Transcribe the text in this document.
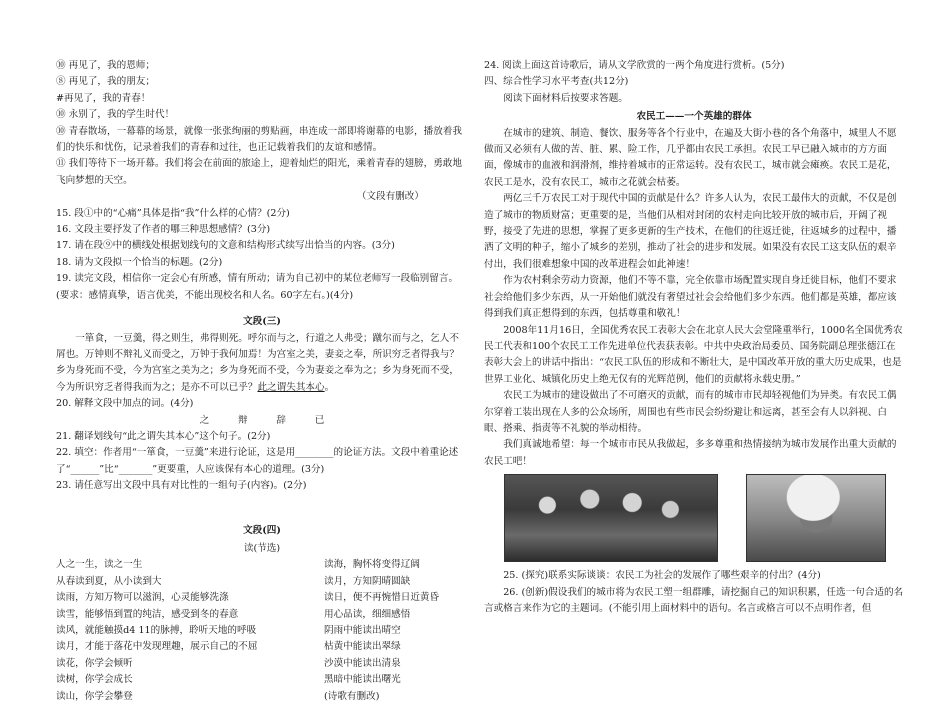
⑩ 再见了，我的恩师；
⑧ 再见了，我的朋友；
#再见了，我的青春！
⑩ 永别了，我的学生时代！
⑩ 青春散场，一幕幕的场景，就像一张张绚丽的剪贴画，串连成一部即将谢幕的电影，播放着我们的快乐和忧伤，记录着我们的青春和过往，也正记载着我们的友谊和感情。
⑪ 我们等待下一场开幕。我们将会在前面的旅途上，迎着灿烂的阳光，乘着青春的翅膀，勇敢地飞向梦想的天空。
（文段有删改）
15. 段①中的“心痛”具体是指“我”什么样的心情？(2分)
16. 文段主要抒发了作者的哪三种思想感情？(3分)
17. 请在段⑨中的横线处根据划线句的文意和结构形式续写出恰当的内容。(3分)
18. 请为文段拟一个恰当的标题。(2分)
19. 读完文段，相信你一定会心有所感，情有所动；请为自己初中的某位老师写一段临别留言。(要求：感情真挚，语言优美，不能出现校名和人名。60字左右。)(4分)
文段(三)
一箪食，一豆羹，得之则生，弗得则死。呼尔而与之，行道之人弗受；蹴尔而与之，乞人不屑也。万钟则不辩礼义而受之，万钟于我何加焉！为宫室之美，妻妾之奉，所识穷乏者得我与？乡为身死而不受，今为宫室之美为之；乡为身死而不受，今为妻妾之奉为之；乡为身死而不受，今为所识穷乏者得我而为之；是亦不可以已乎？此之谓失其本心。
20. 解释文段中加点的词。(4分)
之　　　辩　　　辞　　　已
21. 翻译划线句“此之谓失其本心”这个句子。(2分)
22. 填空：作者用“一箪食，一豆羹”来进行论证，这是用________的论证方法。文段中着重论述了“______”比“_______”更要重，人应该保有本心的道理。(3分)
23. 请任意写出文段中具有对比性的一组句子(内容)。(2分)
文段(四)
读(节选)
人之一生，读之一生
从春读到夏，从小读到大
读雨，方知万物可以滋润，心灵能够洗涤
读雪，能够悟到置的纯洁，感受到冬的春意
读风，就能触摸d4 11的脉搏，聆听天地的呼吸
读月，才能于落花中发现理趣，展示自己的不屈
读花，你学会倾听
读树，你学会成长
读山，你学会攀登
读海，胸怀将变得辽阔
读月，方知阴晴圆缺
读日，便不再惋惜日近黄昏
用心品读，细细感悟
阴雨中能读出晴空
枯黄中能读出翠绿
沙漠中能读出清泉
黑暗中能读出曙光
(诗歌有删改)
24. 阅读上面这首诗歌后，请从文学欣赏的一两个角度进行赏析。(5分)
四、综合性学习水平考查(共12分)
阅读下面材料后按要求答题。
农民工——一个英雄的群体
在城市的建筑、制造、餐饮、服务等各个行业中，在遍及大街小巷的各个角落中，城里人不愿做而又必须有人做的苦、脏、累、险工作，几乎都由农民工承担。农民工早已融入城市的方方面面，像城市的血液和润滑剂，维持着城市的正常运转。没有农民工，城市就会瘫痪。农民工是花，农民工是水，没有农民工，城市之花就会枯萎。
两亿三千万农民工对于现代中国的贡献是什么？许多人认为，农民工最伟大的贡献，不仅是创造了城市的物质财富；更重要的是，当他们从相对封闭的农村走向比较开放的城市后，开阔了视野，接受了先进的思想，掌握了更多更新的生产技术，在他们的往返迁徙，往返城乡的过程中，播洒了文明的种子，缩小了城乡的差别，推动了社会的进步和发展。如果没有农民工这支队伍的艰辛付出，我们很难想象中国的改革进程会如此神速！
作为农村剩余劳动力资源，他们不等不靠，完全依靠市场配置实现自身迁徙目标，他们不要求社会给他们多少东西，从一开始他们就没有奢望过社会会给他们多少东西。他们都是英雄，都应该得到我们真正想得到的东西，包括尊重和敬礼！
2008年11月16日，全国优秀农民工表彰大会在北京人民大会堂隆重举行，1000名全国优秀农民工代表和100个农民工工作先进单位代表获表彰。中共中央政治局委员、国务院副总理张德江在表彰大会上的讲话中指出：“农民工队伍的形成和不断壮大，是中国改革开放的重大历史成果，也是世界工业化、城镇化历史上绝无仅有的光辉范例，他们的贡献将永载史册。”
农民工为城市的建设做出了不可磨灭的贡献，而有的城市市民却轻视他们为异类。有农民工偶尔穿着工装出现在人多的公众场所，周围也有些市民会纷纷避让和远离，甚至会有人以斜视、白眼、搭乘、指责等不礼貌的举动相待。
我们真诚地希望：每一个城市市民从我做起，多多尊重和热情接纳为城市发展作出重大贡献的农民工吧！
25. (探究)联系实际谈谈：农民工为社会的发展作了哪些艰辛的付出？(4分)
26. (创新)假设我们的城市将为农民工塑一组群雕，请挖掘自己的知识积累，任选一句合适的名言或格言来作为它的主题词。(不能引用上面材料中的语句。名言或格言可以不点明作者，但
